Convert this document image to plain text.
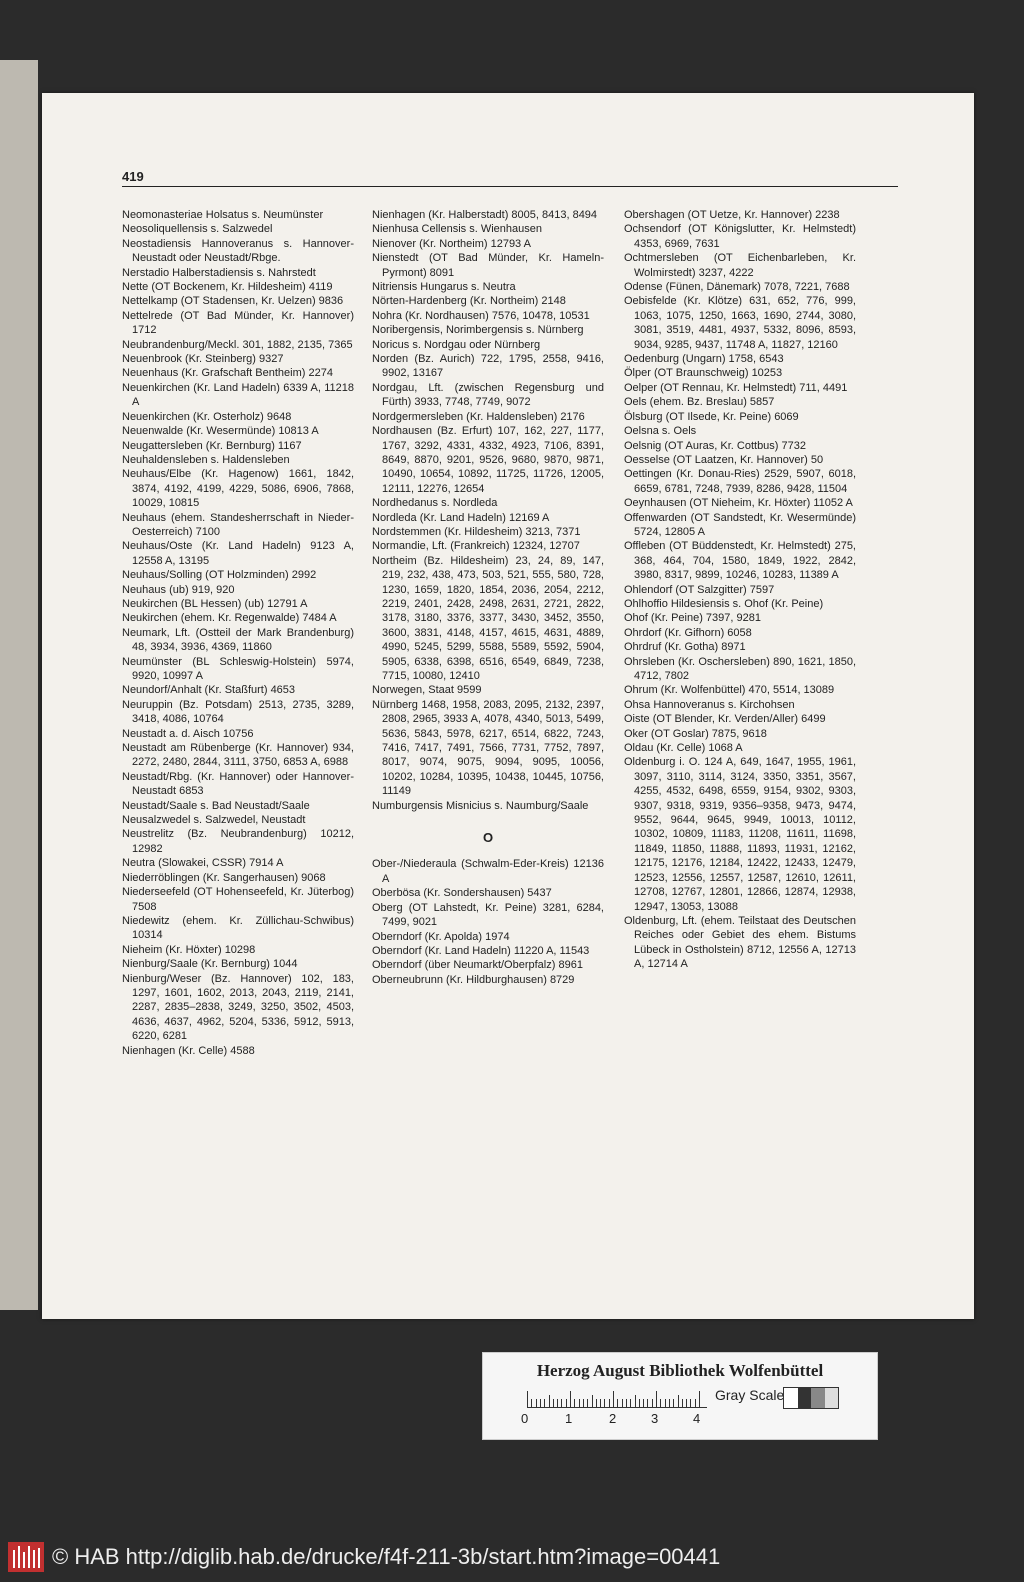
419
Neomonasteriae Holsatus s. Neumünster
Neosoliquellensis s. Salzwedel
Neostadiensis Hannoveranus s. Hannover-Neustadt oder Neustadt/Rbge.
Nerstadio Halberstadiensis s. Nahrstedt
Nette (OT Bockenem, Kr. Hildesheim) 4119
Nettelkamp (OT Stadensen, Kr. Uelzen) 9836
Nettelrede (OT Bad Münder, Kr. Hannover) 1712
Neubrandenburg/Meckl. 301, 1882, 2135, 7365
Neuenbrook (Kr. Steinberg) 9327
Neuenhaus (Kr. Grafschaft Bentheim) 2274
Neuenkirchen (Kr. Land Hadeln) 6339 A, 11218 A
Neuenkirchen (Kr. Osterholz) 9648
Neuenwalde (Kr. Wesermünde) 10813 A
Neugattersleben (Kr. Bernburg) 1167
Neuhaldensleben s. Haldensleben
Neuhaus/Elbe (Kr. Hagenow) 1661, 1842, 3874, 4192, 4199, 4229, 5086, 6906, 7868, 10029, 10815
Neuhaus (ehem. Standesherrschaft in Nieder-Oesterreich) 7100
Neuhaus/Oste (Kr. Land Hadeln) 9123 A, 12558 A, 13195
Neuhaus/Solling (OT Holzminden) 2992
Neuhaus (ub) 919, 920
Neukirchen (BL Hessen) (ub) 12791 A
Neukirchen (ehem. Kr. Regenwalde) 7484 A
Neumark, Lft. (Ostteil der Mark Brandenburg) 48, 3934, 3936, 4369, 11860
Neumünster (BL Schleswig-Holstein) 5974, 9920, 10997 A
Neundorf/Anhalt (Kr. Staßfurt) 4653
Neuruppin (Bz. Potsdam) 2513, 2735, 3289, 3418, 4086, 10764
Neustadt a. d. Aisch 10756
Neustadt am Rübenberge (Kr. Hannover) 934, 2272, 2480, 2844, 3111, 3750, 6853 A, 6988
Neustadt/Rbg. (Kr. Hannover) oder Hannover-Neustadt 6853
Neustadt/Saale s. Bad Neustadt/Saale
Neusalzwedel s. Salzwedel, Neustadt
Neustrelitz (Bz. Neubrandenburg) 10212, 12982
Neutra (Slowakei, CSSR) 7914 A
Niederröblingen (Kr. Sangerhausen) 9068
Niederseefeld (OT Hohenseefeld, Kr. Jüterbog) 7508
Niedewitz (ehem. Kr. Züllichau-Schwibus) 10314
Nieheim (Kr. Höxter) 10298
Nienburg/Saale (Kr. Bernburg) 1044
Nienburg/Weser (Bz. Hannover) 102, 183, 1297, 1601, 1602, 2013, 2043, 2119, 2141, 2287, 2835–2838, 3249, 3250, 3502, 4503, 4636, 4637, 4962, 5204, 5336, 5912, 5913, 6220, 6281
Nienhagen (Kr. Celle) 4588
Nienhagen (Kr. Halberstadt) 8005, 8413, 8494
Nienhusa Cellensis s. Wienhausen
Nienover (Kr. Northeim) 12793 A
Nienstedt (OT Bad Münder, Kr. Hameln-Pyrmont) 8091
Nitriensis Hungarus s. Neutra
Nörten-Hardenberg (Kr. Northeim) 2148
Nohra (Kr. Nordhausen) 7576, 10478, 10531
Noribergensis, Norimbergensis s. Nürnberg
Noricus s. Nordgau oder Nürnberg
Norden (Bz. Aurich) 722, 1795, 2558, 9416, 9902, 13167
Nordgau, Lft. (zwischen Regensburg und Fürth) 3933, 7748, 7749, 9072
Nordgermersleben (Kr. Haldensleben) 2176
Nordhausen (Bz. Erfurt) 107, 162, 227, 1177, 1767, 3292, 4331, 4332, 4923, 7106, 8391, 8649, 8870, 9201, 9526, 9680, 9870, 9871, 10490, 10654, 10892, 11725, 11726, 12005, 12111, 12276, 12654
Nordhedanus s. Nordleda
Nordleda (Kr. Land Hadeln) 12169 A
Nordstemmen (Kr. Hildesheim) 3213, 7371
Normandie, Lft. (Frankreich) 12324, 12707
Northeim (Bz. Hildesheim) 23, 24, 89, 147, 219, 232, 438, 473, 503, 521, 555, 580, 728, 1230, 1659, 1820, 1854, 2036, 2054, 2212, 2219, 2401, 2428, 2498, 2631, 2721, 2822, 3178, 3180, 3376, 3377, 3430, 3452, 3550, 3600, 3831, 4148, 4157, 4615, 4631, 4889, 4990, 5245, 5299, 5588, 5589, 5592, 5904, 5905, 6338, 6398, 6516, 6549, 6849, 7238, 7715, 10080, 12410
Norwegen, Staat 9599
Nürnberg 1468, 1958, 2083, 2095, 2132, 2397, 2808, 2965, 3933 A, 4078, 4340, 5013, 5499, 5636, 5843, 5978, 6217, 6514, 6822, 7243, 7416, 7417, 7491, 7566, 7731, 7752, 7897, 8017, 9074, 9075, 9094, 9095, 10056, 10202, 10284, 10395, 10438, 10445, 10756, 11149
Numburgensis Misnicius s. Naumburg/Saale
O
Ober-/Niederaula (Schwalm-Eder-Kreis) 12136 A
Oberbösa (Kr. Sondershausen) 5437
Oberg (OT Lahstedt, Kr. Peine) 3281, 6284, 7499, 9021
Oberndorf (Kr. Apolda) 1974
Oberndorf (Kr. Land Hadeln) 11220 A, 11543
Oberndorf (über Neumarkt/Oberpfalz) 8961
Oberneubrunn (Kr. Hildburghausen) 8729
Obershagen (OT Uetze, Kr. Hannover) 2238
Ochsendorf (OT Königslutter, Kr. Helmstedt) 4353, 6969, 7631
Ochtmersleben (OT Eichenbarleben, Kr. Wolmirstedt) 3237, 4222
Odense (Fünen, Dänemark) 7078, 7221, 7688
Oebisfelde (Kr. Klötze) 631, 652, 776, 999, 1063, 1075, 1250, 1663, 1690, 2744, 3080, 3081, 3519, 4481, 4937, 5332, 8096, 8593, 9034, 9285, 9437, 11748 A, 11827, 12160
Oedenburg (Ungarn) 1758, 6543
Ölper (OT Braunschweig) 10253
Oelper (OT Rennau, Kr. Helmstedt) 711, 4491
Oels (ehem. Bz. Breslau) 5857
Ölsburg (OT Ilsede, Kr. Peine) 6069
Oelsna s. Oels
Oelsnig (OT Auras, Kr. Cottbus) 7732
Oesselse (OT Laatzen, Kr. Hannover) 50
Oettingen (Kr. Donau-Ries) 2529, 5907, 6018, 6659, 6781, 7248, 7939, 8286, 9428, 11504
Oeynhausen (OT Nieheim, Kr. Höxter) 11052 A
Offenwarden (OT Sandstedt, Kr. Wesermünde) 5724, 12805 A
Offleben (OT Büddenstedt, Kr. Helmstedt) 275, 368, 464, 704, 1580, 1849, 1922, 2842, 3980, 8317, 9899, 10246, 10283, 11389 A
Ohlendorf (OT Salzgitter) 7597
Ohlhoffio Hildesiensis s. Ohof (Kr. Peine)
Ohof (Kr. Peine) 7397, 9281
Ohrdorf (Kr. Gifhorn) 6058
Ohrdruf (Kr. Gotha) 8971
Ohrsleben (Kr. Oschersleben) 890, 1621, 1850, 4712, 7802
Ohrum (Kr. Wolfenbüttel) 470, 5514, 13089
Ohsa Hannoveranus s. Kirchohsen
Oiste (OT Blender, Kr. Verden/Aller) 6499
Oker (OT Goslar) 7875, 9618
Oldau (Kr. Celle) 1068 A
Oldenburg i. O. 124 A, 649, 1647, 1955, 1961, 3097, 3110, 3114, 3124, 3350, 3351, 3567, 4255, 4532, 6498, 6559, 9154, 9302, 9303, 9307, 9318, 9319, 9356–9358, 9473, 9474, 9552, 9644, 9645, 9949, 10013, 10112, 10302, 10809, 11183, 11208, 11611, 11698, 11849, 11850, 11888, 11893, 11931, 12162, 12175, 12176, 12184, 12422, 12433, 12479, 12523, 12556, 12557, 12587, 12610, 12611, 12708, 12767, 12801, 12866, 12874, 12938, 12947, 13053, 13088
Oldenburg, Lft. (ehem. Teilstaat des Deutschen Reiches oder Gebiet des ehem. Bistums Lübeck in Ostholstein) 8712, 12556 A, 12713 A, 12714 A
Herzog August Bibliothek Wolfenbüttel
0	1	2	3	4
Gray Scale
© HAB http://diglib.hab.de/drucke/f4f-211-3b/start.htm?image=00441
